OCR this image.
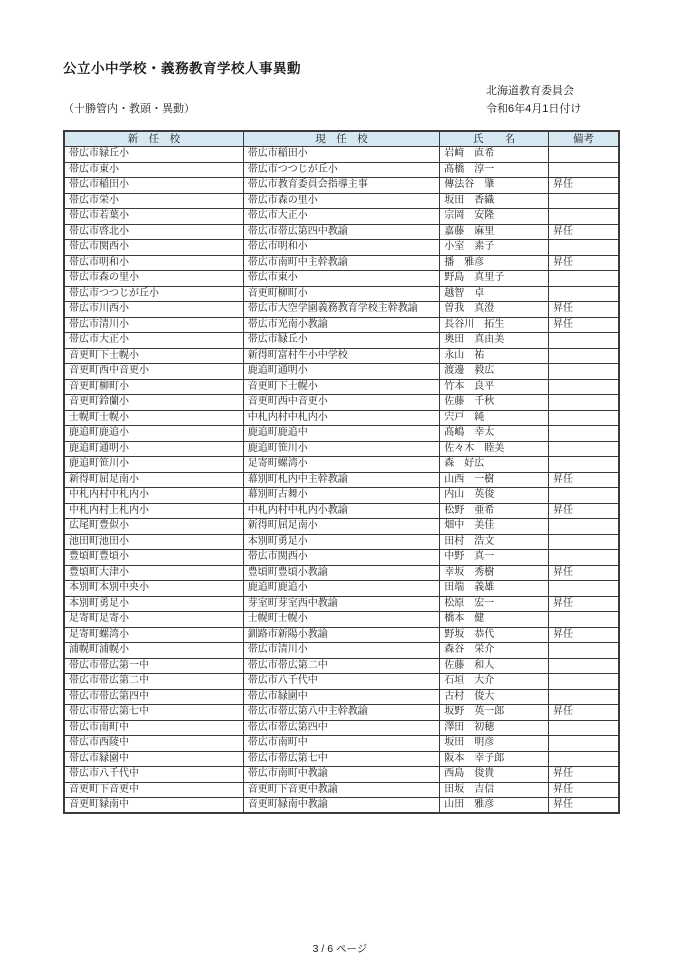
公立小中学校・義務教育学校人事異動
北海道教育委員会
（十勝管内・教頭・異動）	令和6年4月1日付け
新　任　校	現　任　校	氏　　名	備考
帯広市緑丘小	帯広市稲田小	岩﨑　直希	
帯広市東小	帯広市つつじが丘小	髙橋　淳一	
帯広市稲田小	帯広市教育委員会指導主事	傳法谷　肇	昇任
帯広市栄小	帯広市森の里小	坂田　香織	
帯広市若葉小	帯広市大正小	宗岡　安隆	
帯広市啓北小	帯広市帯広第四中教諭	嘉藤　麻里	昇任
帯広市関西小	帯広市明和小	小室　素子	
帯広市明和小	帯広市南町中主幹教諭	播　雅彦	昇任
帯広市森の里小	帯広市東小	野島　真里子	
帯広市つつじが丘小	音更町柳町小	越智　卓	
帯広市川西小	帯広市大空学園義務教育学校主幹教諭	曽我　真澄	昇任
帯広市清川小	帯広市光南小教諭	長谷川　拓生	昇任
帯広市大正小	帯広市緑丘小	奥田　真由美	
音更町下士幌小	新得町富村牛小中学校	永山　祐	
音更町西中音更小	鹿追町通明小	渡邊　毅広	
音更町柳町小	音更町下士幌小	竹本　良平	
音更町鈴蘭小	音更町西中音更小	佐藤　千秋	
士幌町士幌小	中札内村中札内小	宍戸　純	
鹿追町鹿追小	鹿追町鹿追中	髙嶋　幸太	
鹿追町通明小	鹿追町笹川小	佐々木　睦美	
鹿追町笹川小	足寄町螺湾小	森　好広	
新得町屈足南小	幕別町札内中主幹教諭	山西　一樹	昇任
中札内村中札内小	幕別町古舞小	内山　英俊	
中札内村上札内小	中札内村中札内小教諭	松野　亜希	昇任
広尾町豊似小	新得町屈足南小	畑中　美佳	
池田町池田小	本別町勇足小	田村　浩文	
豊頃町豊頃小	帯広市関西小	中野　真一	
豊頃町大津小	豊頃町豊頃小教諭	幸坂　秀樹	昇任
本別町本別中央小	鹿追町鹿追小	田端　義雄	
本別町勇足小	芽室町芽室西中教諭	松原　宏一	昇任
足寄町足寄小	士幌町士幌小	橋本　健	
足寄町螺湾小	釧路市新陽小教諭	野坂　恭代	昇任
浦幌町浦幌小	帯広市清川小	森谷　栄介	
帯広市帯広第一中	帯広市帯広第二中	佐藤　和人	
帯広市帯広第二中	帯広市八千代中	石垣　大介	
帯広市帯広第四中	帯広市緑園中	古村　俊大	
帯広市帯広第七中	帯広市帯広第八中主幹教諭	坂野　英一郎	昇任
帯広市南町中	帯広市帯広第四中	澤田　初穂	
帯広市西陵中	帯広市南町中	坂田　明彦	
帯広市緑園中	帯広市帯広第七中	阪本　幸子郎	
帯広市八千代中	帯広市南町中教諭	西島　俊貴	昇任
音更町下音更中	音更町下音更中教諭	田坂　吉信	昇任
音更町緑南中	音更町緑南中教諭	山田　雅彦	昇任
3 / 6 ページ
